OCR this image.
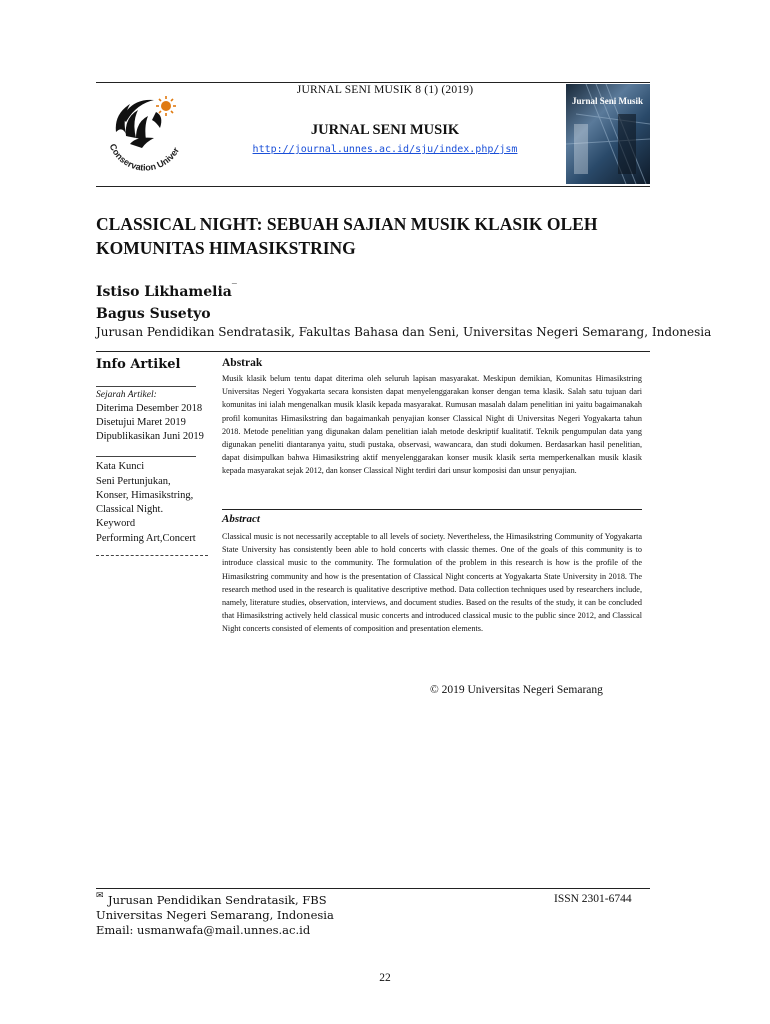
JURNAL SENI MUSIK 8 (1) (2019)
JURNAL SENI MUSIK
http://journal.unnes.ac.id/sju/index.php/jsm
Conservation Univer
Jurnal Seni Musik
CLASSICAL NIGHT: SEBUAH SAJIAN MUSIK KLASIK OLEH KOMUNITAS HIMASIKSTRING
Istiso Likhamelia‾
Bagus Susetyo
Jurusan Pendidikan Sendratasik, Fakultas Bahasa dan Seni, Universitas Negeri Semarang, Indonesia
Info Artikel
Sejarah Artikel:
Diterima Desember 2018
Disetujui Maret 2019
Dipublikasikan Juni 2019
Kata Kunci
Seni Pertunjukan,
Konser, Himasikstring,
Classical Night.
Keyword
Performing Art,Concert
Abstrak
Musik klasik belum tentu dapat diterima oleh seluruh lapisan masyarakat. Meskipun demikian, Komunitas Himasikstring Universitas Negeri Yogyakarta secara konsisten dapat menyelenggarakan konser dengan tema klasik. Salah satu tujuan dari komunitas ini ialah mengenalkan musik klasik kepada masyarakat. Rumusan masalah dalam penelitian ini yaitu bagaimanakah profil komunitas Himasikstring dan bagaimankah penyajian konser Classical Night di Universitas Negeri Yogyakarta tahun 2018. Metode penelitian yang digunakan dalam penelitian ialah metode deskriptif kualitatif. Teknik pengumpulan data yang digunakan peneliti diantaranya yaitu, studi pustaka, observasi, wawancara, dan studi dokumen. Berdasarkan hasil penelitian, dapat disimpulkan bahwa Himasikstring aktif menyelenggarakan konser musik klasik serta memperkenalkan musik klasik kepada masyarakat sejak 2012, dan konser Classical Night terdiri dari unsur komposisi dan unsur penyajian.
Abstract
Classical music is not necessarily acceptable to all levels of society. Nevertheless, the Himasikstring Community of Yogyakarta State University has consistently been able to hold concerts with classic themes. One of the goals of this community is to introduce classical music to the community. The formulation of the problem in this research is how is the profile of the Himasikstring community and how is the presentation of Classical Night concerts at Yogyakarta State University in 2018. The research method used in the research is qualitative descriptive method. Data collection techniques used by researchers include, namely, literature studies, observation, interviews, and document studies. Based on the results of the study, it can be concluded that Himasikstring actively held classical music concerts and introduced classical music to the public since 2012, and Classical Night concerts consisted of elements of composition and presentation elements.
© 2019 Universitas Negeri Semarang
✉ Jurusan Pendidikan Sendratasik, FBS
Universitas Negeri Semarang, Indonesia
Email: usmanwafa@mail.unnes.ac.id
ISSN 2301-6744
22
